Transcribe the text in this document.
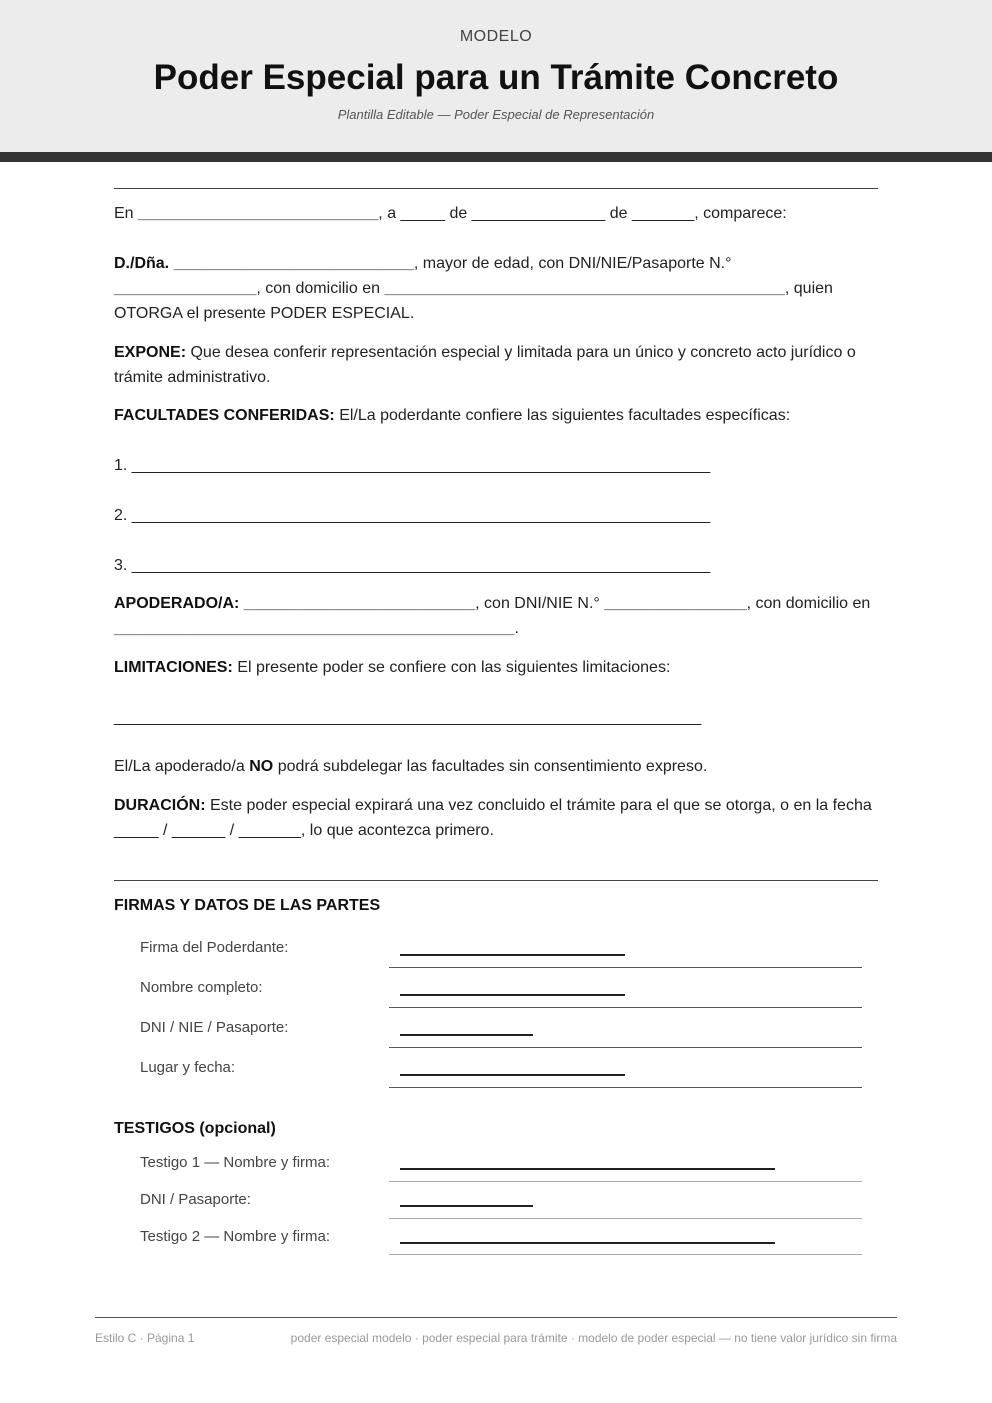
MODELO
Poder Especial para un Trámite Concreto
Plantilla Editable — Poder Especial de Representación
En ___________________________, a _____ de _______________ de _______, comparece:
D./Dña. ___________________________, mayor de edad, con DNI/NIE/Pasaporte N.° ________________, con domicilio en _____________________________________________, quien OTORGA el presente PODER ESPECIAL.
EXPONE: Que desea conferir representación especial y limitada para un único y concreto acto jurídico o trámite administrativo.
FACULTADES CONFERIDAS: El/La poderdante confiere las siguientes facultades específicas:
1. _________________________________________________________________
2. _________________________________________________________________
3. _________________________________________________________________
APODERADO/A: __________________________, con DNI/NIE N.° ________________, con domicilio en _____________________________________________.
LIMITACIONES: El presente poder se confiere con las siguientes limitaciones:
__________________________________________________________________
El/La apoderado/a NO podrá subdelegar las facultades sin consentimiento expreso.
DURACIÓN: Este poder especial expirará una vez concluido el trámite para el que se otorga, o en la fecha _____ / ______ / _______, lo que acontezca primero.
FIRMAS Y DATOS DE LAS PARTES
Firma del Poderdante:
Nombre completo:
DNI / NIE / Pasaporte:
Lugar y fecha:
TESTIGOS (opcional)
Testigo 1 — Nombre y firma:
DNI / Pasaporte:
Testigo 2 — Nombre y firma:
Estilo C · Página 1	poder especial modelo · poder especial para trámite · modelo de poder especial — no tiene valor jurídico sin firma
